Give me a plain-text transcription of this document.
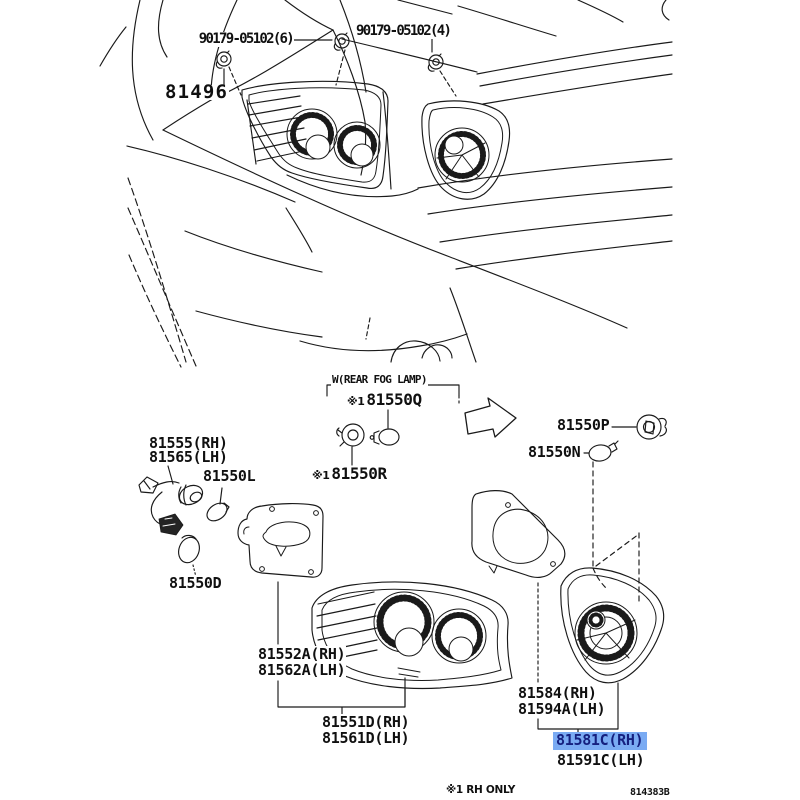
90179-05102(6)	90179-05102(4)
81496
W(REAR FOG LAMP)
※1 81550Q
※1 81550R
81550P
81550N
81555(RH)
81565(LH)
81550L
81550D
81552A(RH)
81562A(LH)
81551D(RH)
81561D(LH)
81584(RH)
81594A(LH)
81581C(RH)
81591C(LH)
※1 RH ONLY	814383B
